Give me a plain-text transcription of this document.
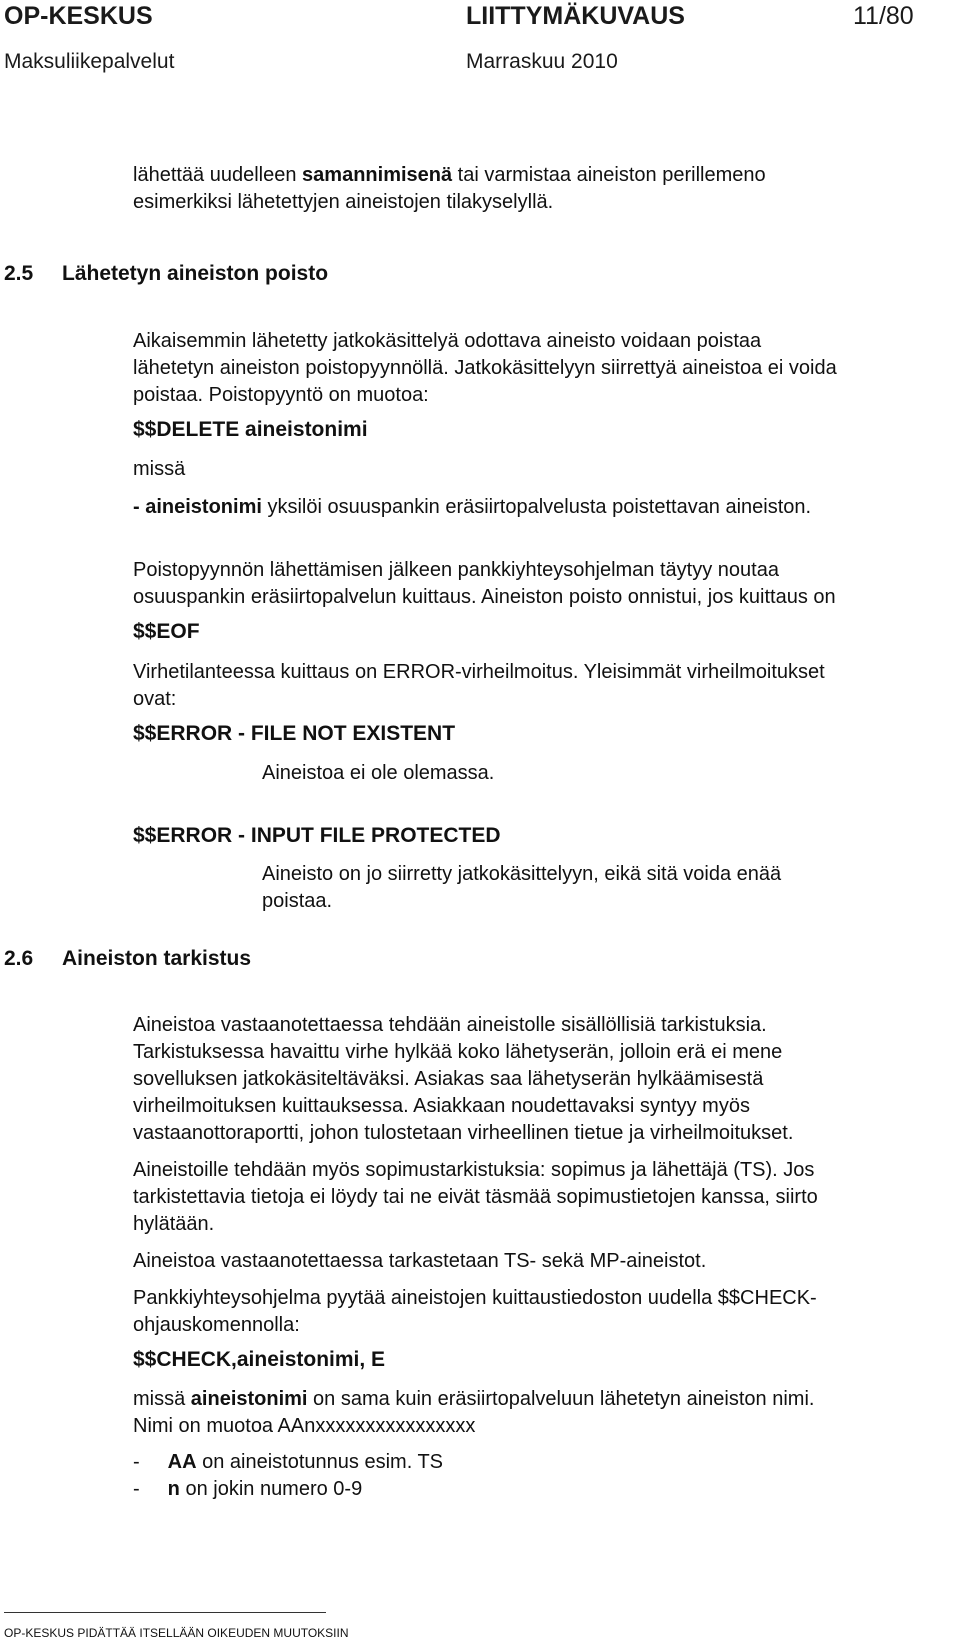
OP-KESKUS	LIITTYMÄKUVAUS	11/80
Maksuliikepalvelut	Marraskuu 2010
lähettää uudelleen samannimisenä tai varmistaa aineiston perillemeno
esimerkiksi lähetettyjen aineistojen tilakyselyllä.
2.5 Lähetetyn aineiston poisto
Aikaisemmin lähetetty jatkokäsittelyä odottava aineisto voidaan poistaa
lähetetyn aineiston poistopyynnöllä. Jatkokäsittelyyn siirrettyä aineistoa ei voida
poistaa. Poistopyyntö on muotoa:
$$DELETE aineistonimi
missä
- aineistonimi yksilöi osuuspankin eräsiirtopalvelusta poistettavan aineiston.
Poistopyynnön lähettämisen jälkeen pankkiyhteysohjelman täytyy noutaa
osuuspankin eräsiirtopalvelun kuittaus. Aineiston poisto onnistui, jos kuittaus on
$$EOF
Virhetilanteessa kuittaus on ERROR-virheilmoitus. Yleisimmät virheilmoitukset
ovat:
$$ERROR - FILE NOT EXISTENT
Aineistoa ei ole olemassa.
$$ERROR - INPUT FILE PROTECTED
Aineisto on jo siirretty jatkokäsittelyyn, eikä sitä voida enää
poistaa.
2.6 Aineiston tarkistus
Aineistoa vastaanotettaessa tehdään aineistolle sisällöllisiä tarkistuksia.
Tarkistuksessa havaittu virhe hylkää koko lähetyserän, jolloin erä ei mene
sovelluksen jatkokäsiteltäväksi. Asiakas saa lähetyserän hylkäämisestä
virheilmoituksen kuittauksessa. Asiakkaan noudettavaksi syntyy myös
vastaanottoraportti, johon tulostetaan virheellinen tietue ja virheilmoitukset.
Aineistoille tehdään myös sopimustarkistuksia: sopimus ja lähettäjä (TS). Jos
tarkistettavia tietoja ei löydy tai ne eivät täsmää sopimustietojen kanssa, siirto
hylätään.
Aineistoa vastaanotettaessa tarkastetaan TS- sekä MP-aineistot.
Pankkiyhteysohjelma pyytää aineistojen kuittaustiedoston uudella $$CHECK-
ohjauskomennolla:
$$CHECK,aineistonimi, E
missä aineistonimi on sama kuin eräsiirtopalveluun lähetetyn aineiston nimi.
Nimi on muotoa AAnxxxxxxxxxxxxxxxx
- AA on aineistotunnus esim. TS
- n on jokin numero 0-9
OP-KESKUS PIDÄTTÄÄ ITSELLÄÄN OIKEUDEN MUUTOKSIIN
